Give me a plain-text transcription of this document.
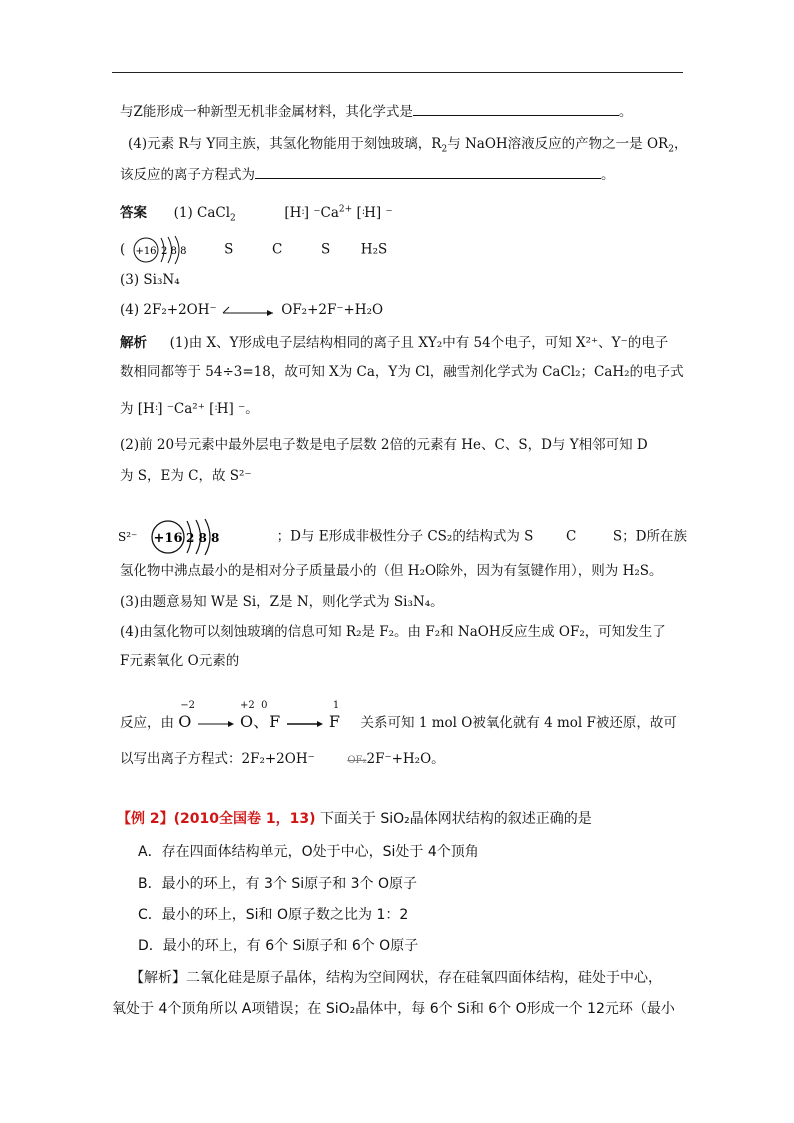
与Z能形成一种新型无机非金属材料，其化学式是	。
(4)元素 R与 Y同主族，其氢化物能用于刻蚀玻璃，$R_2$与 NaOH溶液反应的产物之一是 $OR_2$，
该反应的离子方程式为	。
答案 (1) CaCl$_2$	[H:] $^-Ca^{2+}$ [:H] ⁻
( +16 2 8 8	S	C	S H₂S
(3) Si₃N₄
(4) 2F₂+2OH⁻	OF₂+2F⁻+H₂O
解析 (1)由 X、Y形成电子层结构相同的离子且 XY₂中有 54个电子，可知 X²⁺、Y⁻的电子
数相同都等于 54÷3=18，故可知 X为 Ca，Y为 Cl，融雪剂化学式为 CaCl₂；CaH₂的电子式
为 [H:] ⁻Ca²⁺ [:H] ⁻。
(2)前 20号元素中最外层电子数是电子层数 2倍的元素有 He、C、S，D与 Y相邻可知 D
为 S，E为 C，故 S²⁻
S²⁻ +16 2 8 8	；D与 E形成非极性分子 CS₂的结构式为 S C	S；D所在族
氢化物中沸点最小的是相对分子质量最小的（但 H₂O除外，因为有氢键作用），则为 H₂S。
(3)由题意易知 W是 Si，Z是 N，则化学式为 Si₃N₄。
(4)由氢化物可以刻蚀玻璃的信息可知 R₂是 F₂。由 F₂和 NaOH反应生成 OF₂，可知发生了
F元素氧化 O元素的
反应，由
−2
O
+2  0
O、F
1
F 关系可知 1 mol O被氧化就有 4 mol F被还原，故可
以写出离子方程式：2F₂+2OH⁻	OF₂2F⁻+H₂O。
【例 2】(2010全国卷 1，13) 下面关于 SiO₂晶体网状结构的叙述正确的是
A．存在四面体结构单元，O处于中心，Si处于 4个顶角
B．最小的环上，有 3个 Si原子和 3个 O原子
C．最小的环上，Si和 O原子数之比为 1：2
D．最小的环上，有 6个 Si原子和 6个 O原子
【解析】二氧化硅是原子晶体，结构为空间网状，存在硅氧四面体结构，硅处于中心，
氧处于 4个顶角所以 A项错误；在 SiO₂晶体中，每 6个 Si和 6个 O形成一个 12元环（最小
